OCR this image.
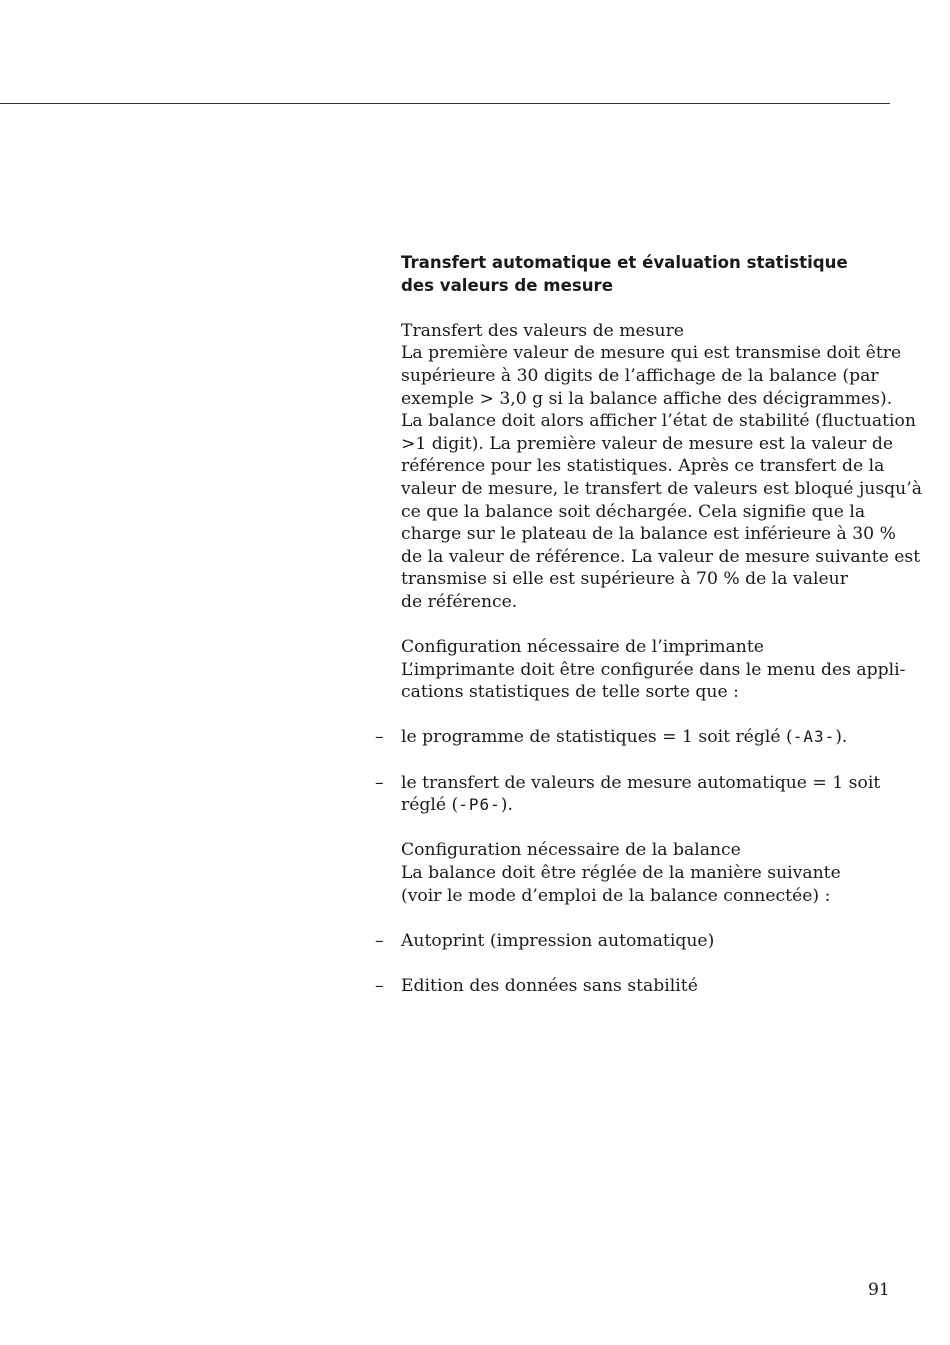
Transfert automatique et évaluation statistique
des valeurs de mesure
Transfert des valeurs de mesure
La première valeur de mesure qui est transmise doit être
supérieure à 30 digits de l’affichage de la balance (par
exemple > 3,0 g si la balance affiche des décigrammes).
La balance doit alors afficher l’état de stabilité (fluctuation
>1 digit). La première valeur de mesure est la valeur de
référence pour les statistiques. Après ce transfert de la
valeur de mesure, le transfert de valeurs est bloqué jusqu’à
ce que la balance soit déchargée. Cela signifie que la
charge sur le plateau de la balance est inférieure à 30 %
de la valeur de référence. La valeur de mesure suivante est
transmise si elle est supérieure à 70 % de la valeur
de référence.
Configuration nécessaire de l’imprimante
L’imprimante doit être configurée dans le menu des appli-
cations statistiques de telle sorte que :
– le programme de statistiques = 1 soit réglé (-A3-).
– le transfert de valeurs de mesure automatique = 1 soit
réglé (-P6-).
Configuration nécessaire de la balance
La balance doit être réglée de la manière suivante
(voir le mode d’emploi de la balance connectée) :
– Autoprint (impression automatique)
– Edition des données sans stabilité
91
